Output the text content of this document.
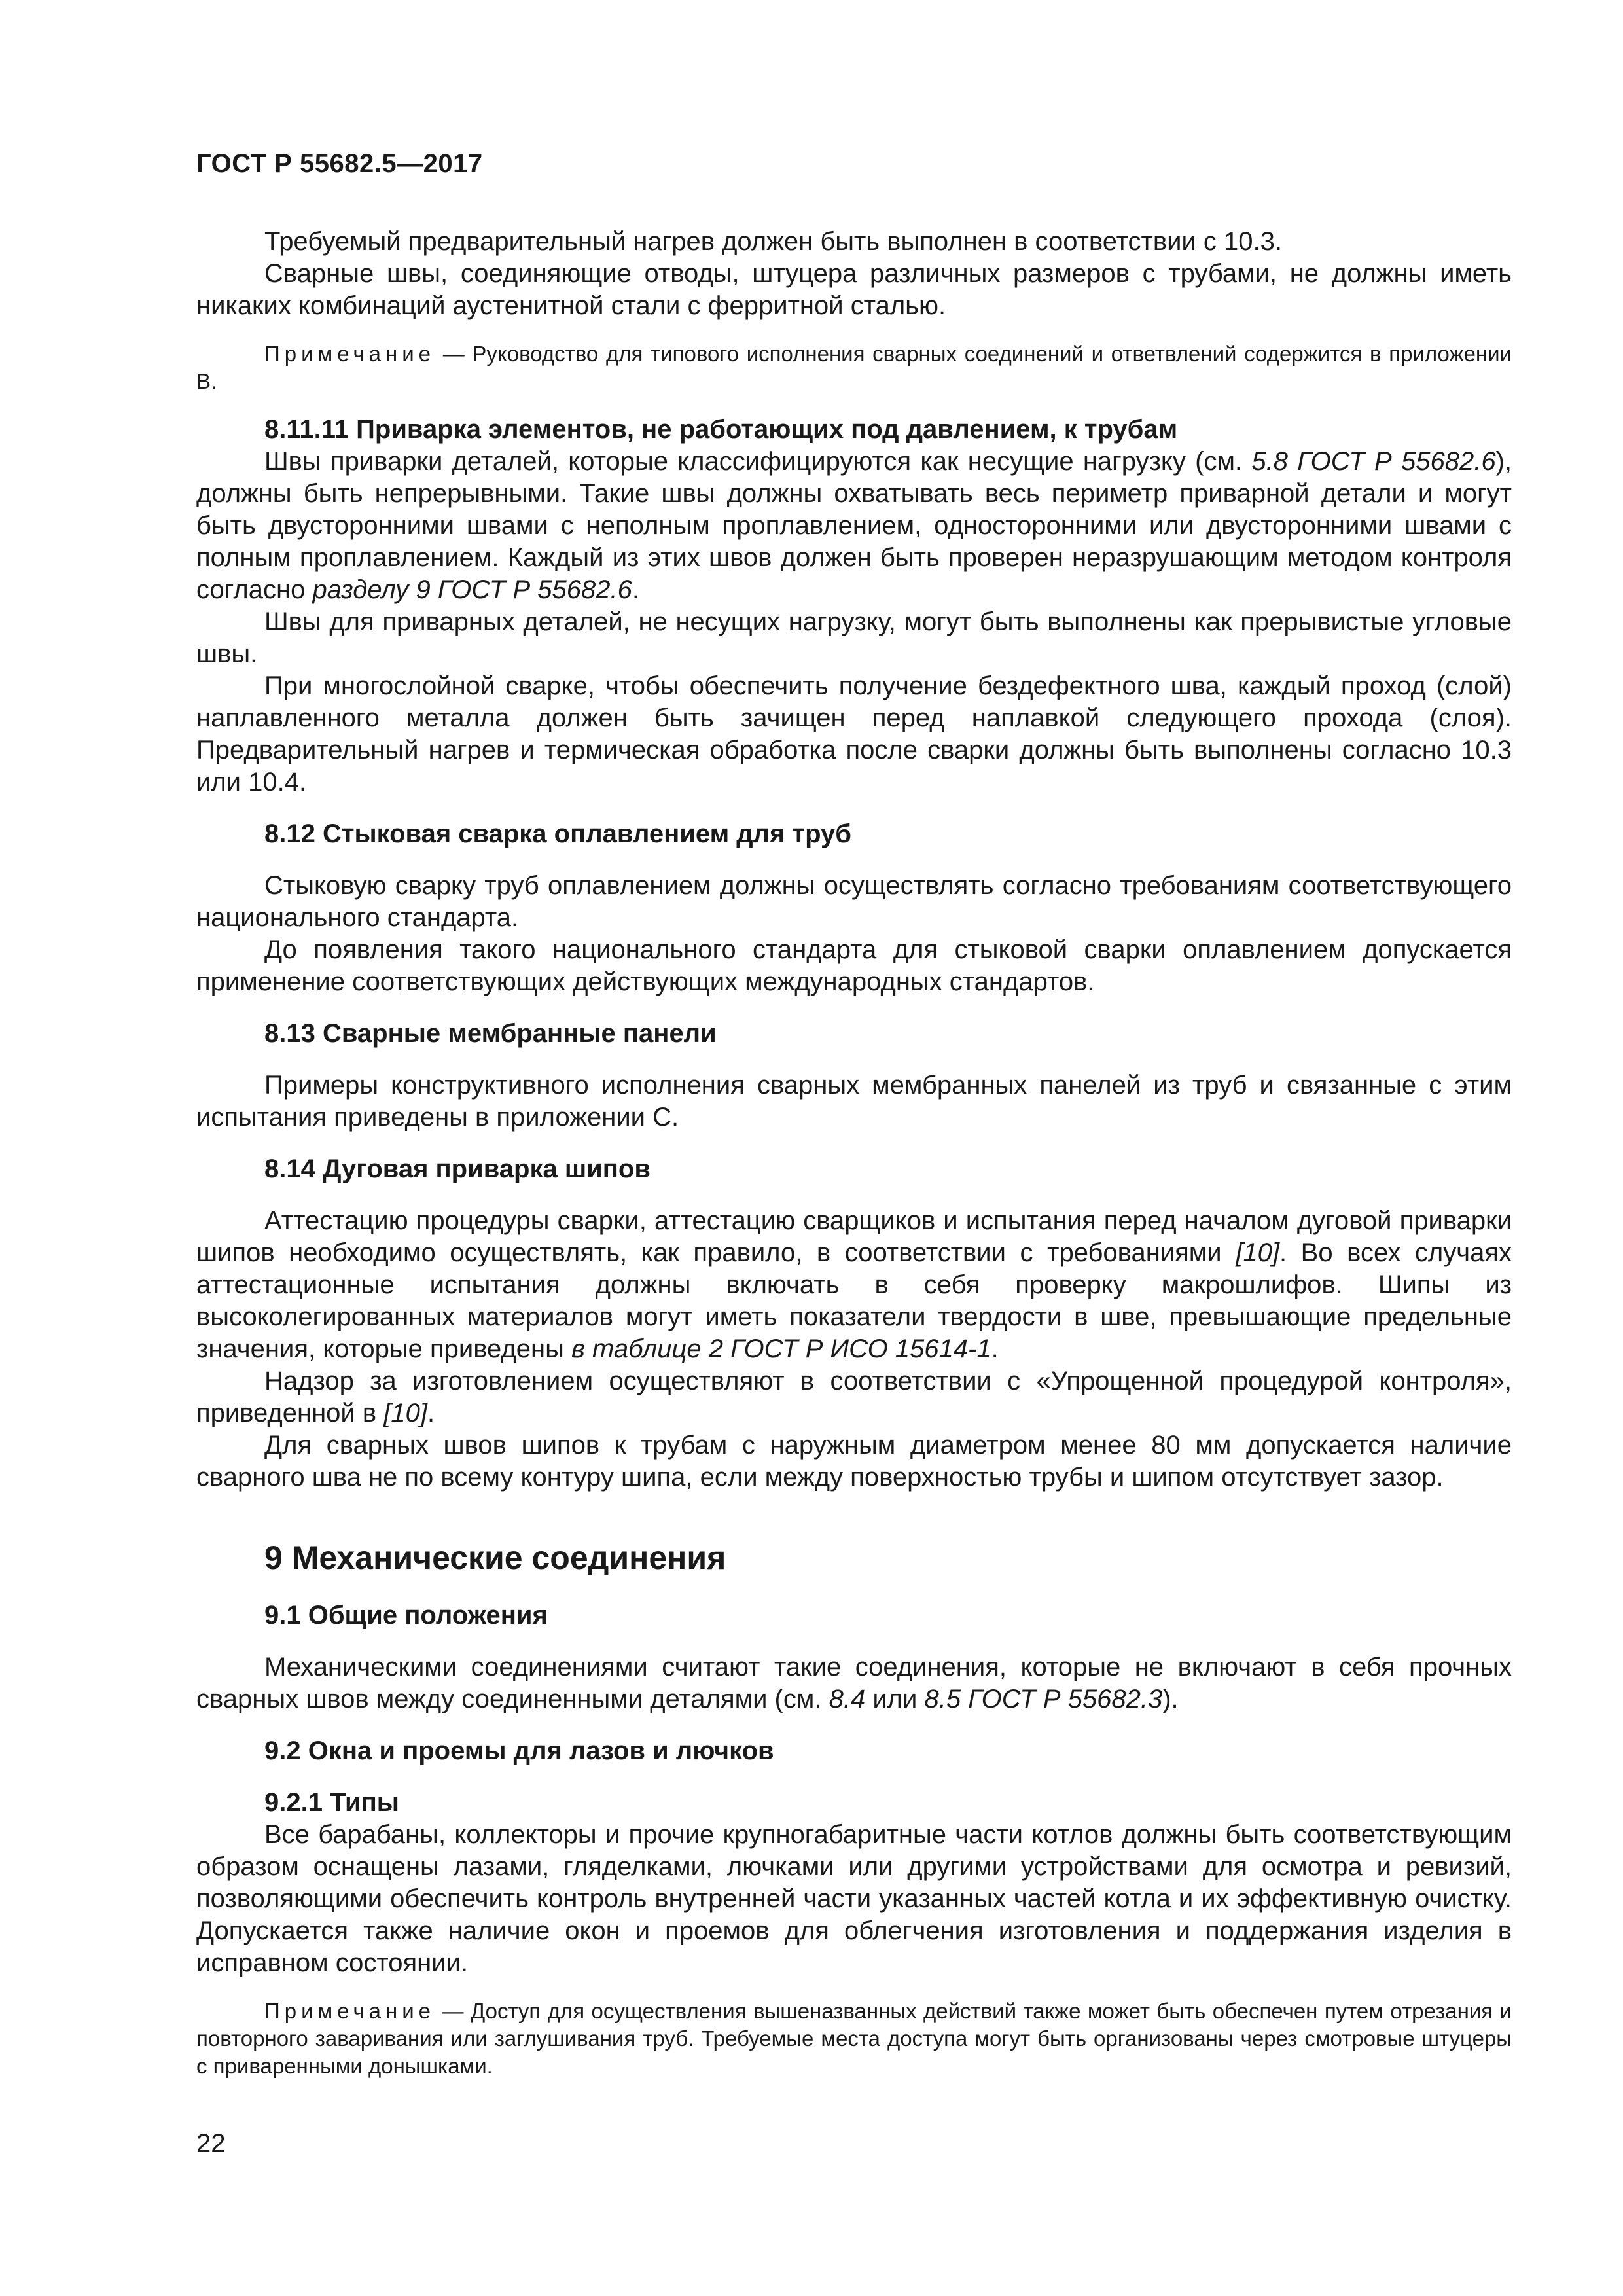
ГОСТ Р 55682.5—2017

Требуемый предварительный нагрев должен быть выполнен в соответствии с 10.3.

Сварные швы, соединяющие отводы, штуцера различных размеров с трубами, не должны иметь никаких комбинаций аустенитной стали с ферритной сталью.

Примечание — Руководство для типового исполнения сварных соединений и ответвлений содержится в приложении В.

8.11.11 Приварка элементов, не работающих под давлением, к трубам

Швы приварки деталей, которые классифицируются как несущие нагрузку (см. 5.8 ГОСТ Р 55682.6), должны быть непрерывными. Такие швы должны охватывать весь периметр приварной детали и могут быть двусторонними швами с неполным проплавлением, односторонними или двусторонними швами с полным проплавлением. Каждый из этих швов должен быть проверен неразрушающим методом контроля согласно разделу 9 ГОСТ Р 55682.6.

Швы для приварных деталей, не несущих нагрузку, могут быть выполнены как прерывистые угловые швы.

При многослойной сварке, чтобы обеспечить получение бездефектного шва, каждый проход (слой) наплавленного металла должен быть зачищен перед наплавкой следующего прохода (слоя). Предварительный нагрев и термическая обработка после сварки должны быть выполнены согласно 10.3 или 10.4.

8.12 Стыковая сварка оплавлением для труб

Стыковую сварку труб оплавлением должны осуществлять согласно требованиям соответствующего национального стандарта.

До появления такого национального стандарта для стыковой сварки оплавлением допускается применение соответствующих действующих международных стандартов.

8.13 Сварные мембранные панели

Примеры конструктивного исполнения сварных мембранных панелей из труб и связанные с этим испытания приведены в приложении С.

8.14 Дуговая приварка шипов

Аттестацию процедуры сварки, аттестацию сварщиков и испытания перед началом дуговой приварки шипов необходимо осуществлять, как правило, в соответствии с требованиями [10]. Во всех случаях аттестационные испытания должны включать в себя проверку макрошлифов. Шипы из высоколегированных материалов могут иметь показатели твердости в шве, превышающие предельные значения, которые приведены в таблице 2 ГОСТ Р ИСО 15614-1.

Надзор за изготовлением осуществляют в соответствии с «Упрощенной процедурой контроля», приведенной в [10].

Для сварных швов шипов к трубам с наружным диаметром менее 80 мм допускается наличие сварного шва не по всему контуру шипа, если между поверхностью трубы и шипом отсутствует зазор.

9 Механические соединения

9.1 Общие положения

Механическими соединениями считают такие соединения, которые не включают в себя прочных сварных швов между соединенными деталями (см. 8.4 или 8.5 ГОСТ Р 55682.3).

9.2 Окна и проемы для лазов и лючков

9.2.1 Типы

Все барабаны, коллекторы и прочие крупногабаритные части котлов должны быть соответствующим образом оснащены лазами, гляделками, лючками или другими устройствами для осмотра и ревизий, позволяющими обеспечить контроль внутренней части указанных частей котла и их эффективную очистку. Допускается также наличие окон и проемов для облегчения изготовления и поддержания изделия в исправном состоянии.

Примечание — Доступ для осуществления вышеназванных действий также может быть обеспечен путем отрезания и повторного заваривания или заглушивания труб. Требуемые места доступа могут быть организованы через смотровые штуцеры с приваренными донышками.

22
